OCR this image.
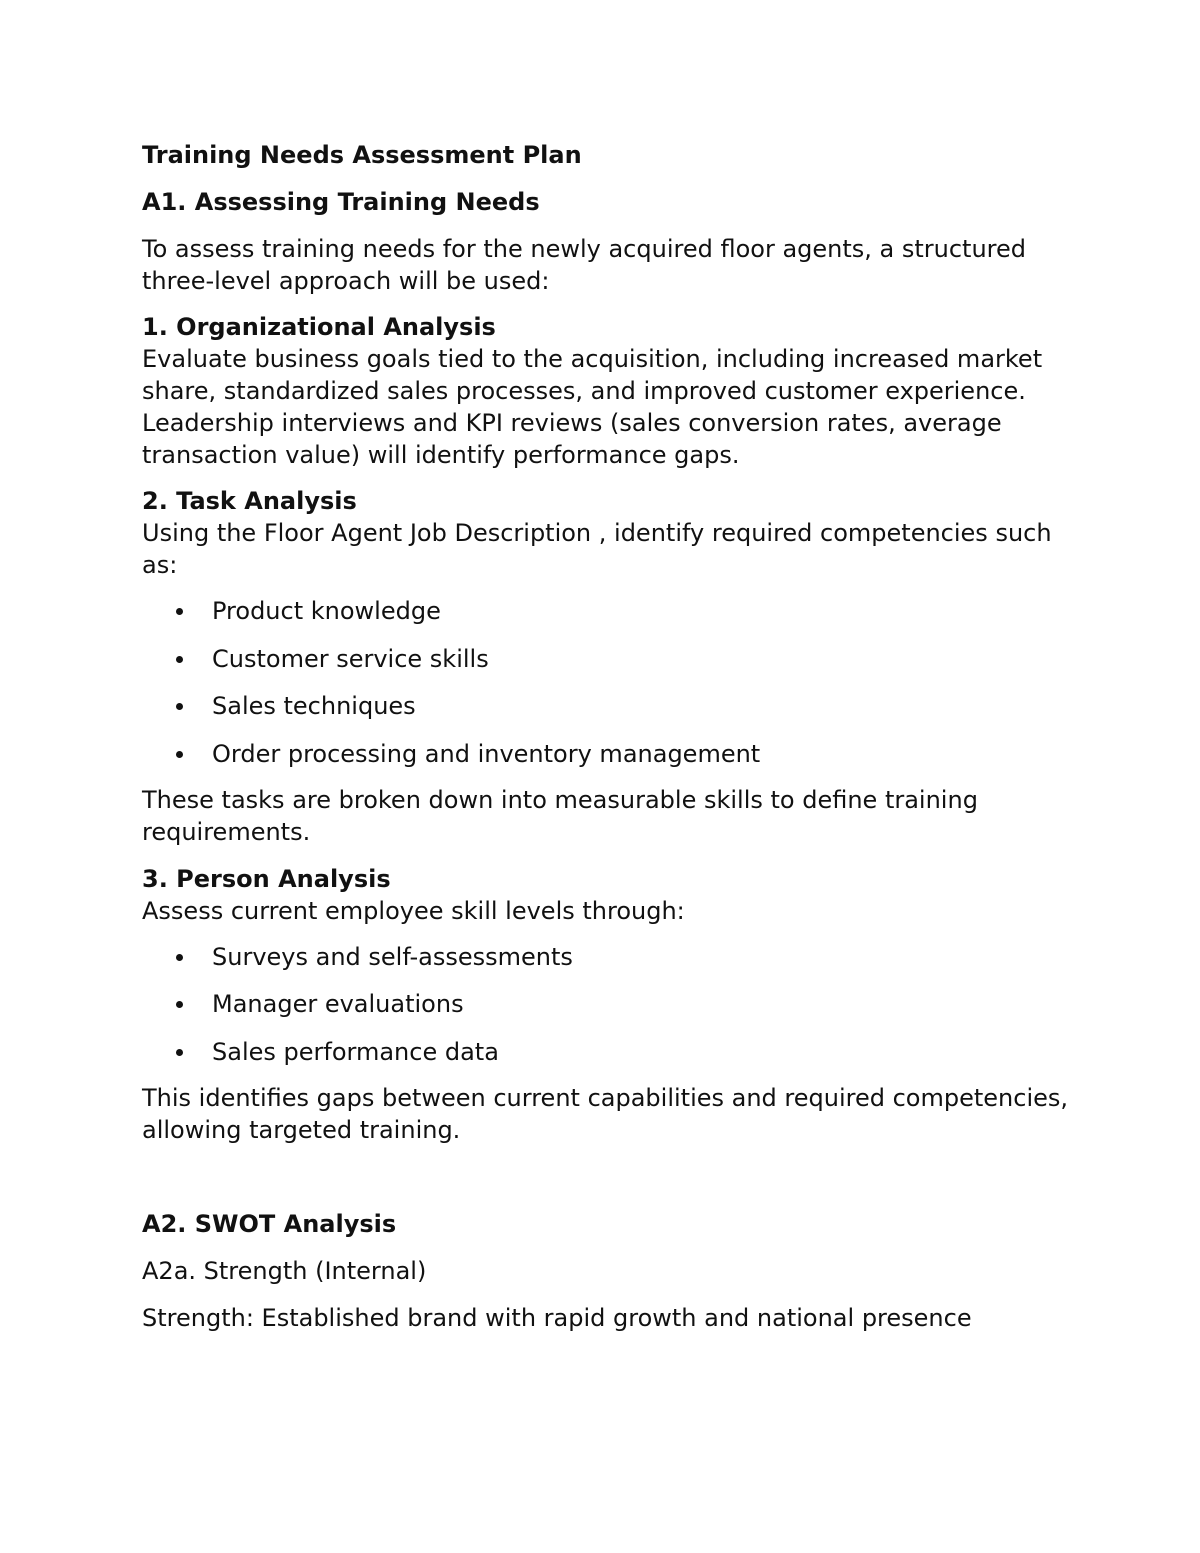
Training Needs Assessment Plan

A1. Assessing Training Needs

To assess training needs for the newly acquired floor agents, a structured three-level approach will be used:

1. Organizational Analysis

Evaluate business goals tied to the acquisition, including increased market share, standardized sales processes, and improved customer experience. Leadership interviews and KPI reviews (sales conversion rates, average transaction value) will identify performance gaps.

2. Task Analysis

Using the Floor Agent Job Description , identify required competencies such as:

Product knowledge
Customer service skills
Sales techniques
Order processing and inventory management

These tasks are broken down into measurable skills to define training requirements.

3. Person Analysis

Assess current employee skill levels through:

Surveys and self-assessments
Manager evaluations
Sales performance data

This identifies gaps between current capabilities and required competencies, allowing targeted training.

A2. SWOT Analysis

A2a. Strength (Internal)

Strength: Established brand with rapid growth and national presence
